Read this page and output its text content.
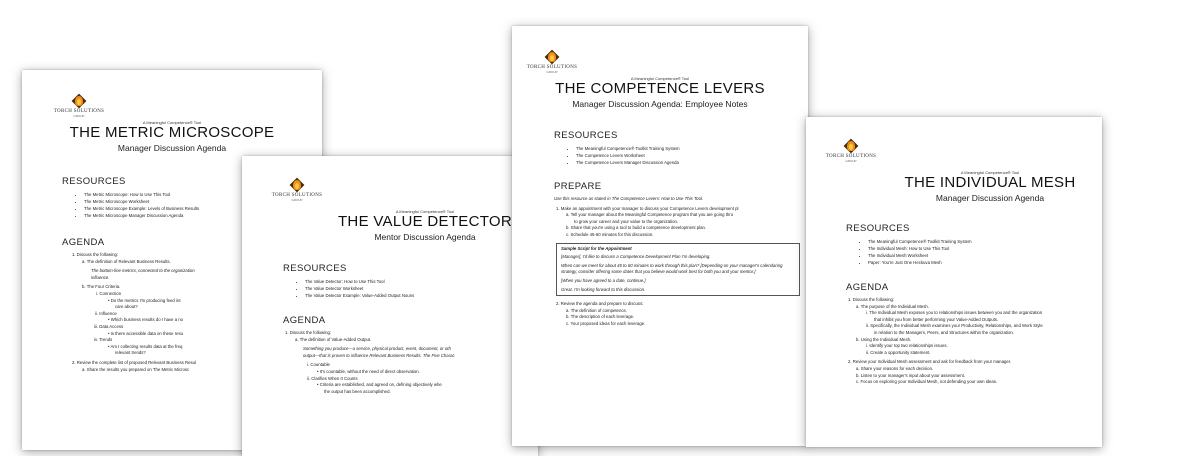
TORCH SOLUTIONS
GROUP
A Meaningful Competence® Tool
THE METRIC MICROSCOPE
Manager Discussion Agenda
RESOURCES
• The Metric Microscope: How to Use This Tool
• The Metric Microscope Worksheet
• The Metric Microscope Example: Levels of Business Results
• The Metric Microscope Manager Discussion Agenda
AGENDA
1. Discuss the following:
a. The definition of Relevant Business Results.
The bottom-line metrics, connected to the organization
influence.
b. The Four Criteria.
i. Connection
• Do the metrics I'm producing feed int
care about?
ii. Influence
• Which business results do I have a no
iii. Data Access
• Is there accessible data on these resu
iv. Trends
• Am I collecting results data at the freq
relevant trends?
2. Review the complete list of proposed Relevant Business Resul
a. Share the results you prepared on The Metric Microsc
TORCH SOLUTIONS
GROUP
A Meaningful Competence® Tool
THE VALUE DETECTOR
Mentor Discussion Agenda
RESOURCES
• The Value Detector: How to Use This Tool
• The Value Detector Worksheet
• The Value Detector Example: Value-Added Output Nouns
AGENDA
1. Discuss the following:
a. The definition of Value-Added Output.
Something you produce—a service, physical product, event, document, or oth
output—that is proven to influence Relevant Business Results. The Five Charac
i. Countable
• It's countable, without the need of direct observation.
ii. Clarifies When It Counts
• Criteria are established, and agreed on, defining objectively whe
the output has been accomplished.
TORCH SOLUTIONS
GROUP
A Meaningful Competence® Tool
THE COMPETENCE LEVERS
Manager Discussion Agenda: Employee Notes
RESOURCES
• The Meaningful Competence® Toolkit Training System
• The Competence Levers Worksheet
• The Competence Levers Manager Discussion Agenda
PREPARE
Use this resource as stated in The Competence Levers: How to Use This Tool.
1. Make an appointment with your manager to discuss your Competence Levers development pl
a. Tell your manager about the Meaningful Competence program that you are going thro
to grow your career and your value to the organization.
b. Share that you're using a tool to build a competence development plan.
c. Schedule 45-60 minutes for this discussion.
Sample Script for the Appointment
[Manager], I'd like to discuss a Competence Development Plan I'm developing.
When can we meet for about 45 to 60 minutes to work through this plan? [Depending on your manager's calendaring strategy, consider offering some dates that you believe would work best for both you and your mentor.]
[When you have agreed to a date, continue.]
Great. I'm looking forward to this discussion.
2. Review the agenda and prepare to discuss:
a. The definition of competence.
b. The description of each leverage.
c. Your proposed ideas for each leverage.
TORCH SOLUTIONS
GROUP
A Meaningful Competence® Tool
THE INDIVIDUAL MESH
Manager Discussion Agenda
RESOURCES
• The Meaningful Competence® Toolkit Training System
• The Individual Mesh: How to Use This Tool
• The Individual Mesh Worksheet
• Paper: You're Just One Heckuva Mesh
AGENDA
1. Discuss the following:
a. The purpose of the Individual Mesh.
i. The Individual Mesh exposes you to relationships issues between you and the organization
that inhibit you from better performing your Value-Added Outputs.
ii. Specifically, the Individual Mesh examines your Productivity, Relationships, and Work Style
in relation to the Managers, Peers, and Structures within the organization.
b. Using the Individual Mesh.
i. Identify your top two relationships issues.
ii. Create a opportunity statement.
2. Review your Individual Mesh assessment and ask for feedback from your manager.
a. Share your reasons for each decision.
b. Listen to your manager's input about your assessment.
c. Focus on exploring your Individual Mesh, not defending your own ideas.
